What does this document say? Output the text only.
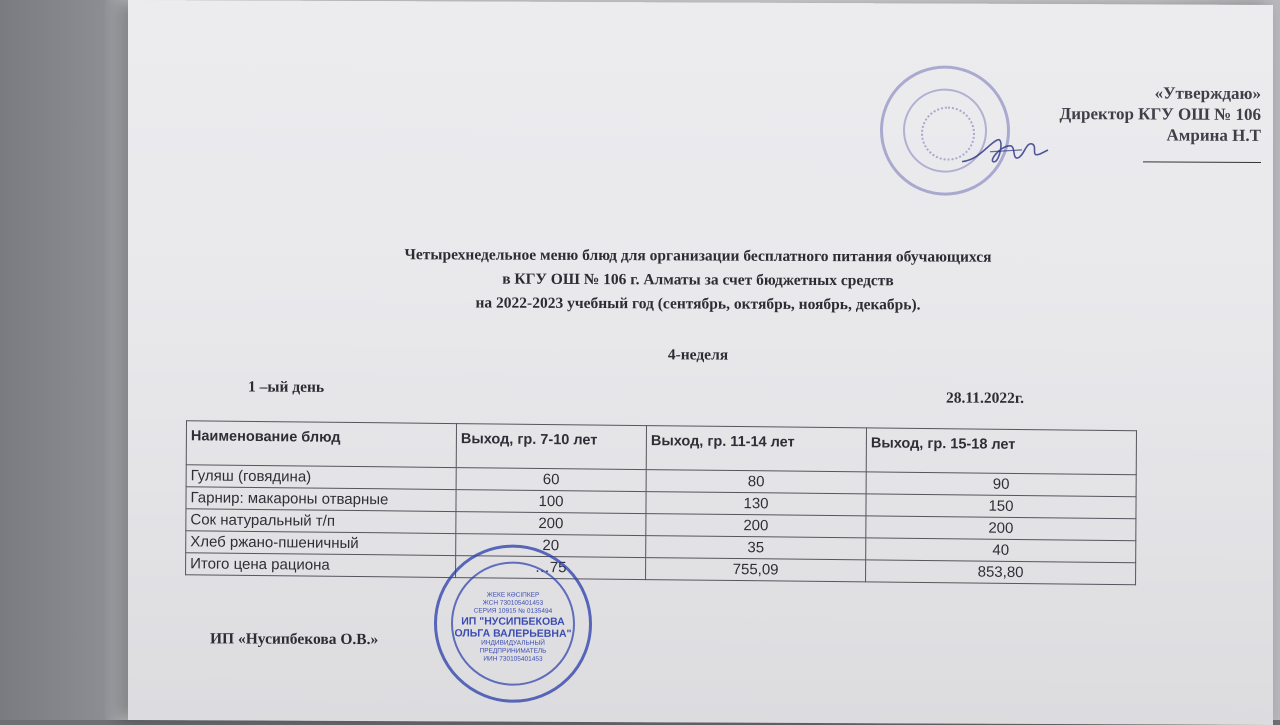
«Утверждаю»
Директор КГУ ОШ № 106
Амрина Н.Т
Четырехнедельное меню блюд для организации бесплатного питания обучающихся
в КГУ ОШ № 106 г. Алматы за счет бюджетных средств
на 2022-2023 учебный год (сентябрь, октябрь, ноябрь, декабрь).
4-неделя
1 –ый день
28.11.2022г.
Наименование блюд	Выход, гр. 7-10 лет	Выход, гр. 11-14 лет	Выход, гр. 15-18 лет
Гуляш (говядина)	60	80	90
Гарнир: макароны отварные	100	130	150
Сок натуральный т/п	200	200	200
Хлеб ржано-пшеничный	20	35	40
Итого цена рациона	…75	755,09	853,80
ИП «Нусипбекова О.В.»
ЖЕКЕ КӘСІПКЕР
ЖСН 730105401453
СЕРИЯ 10915 № 0135494
ИП "НУСИПБЕКОВА
ОЛЬГА ВАЛЕРЬЕВНА"
ИНДИВИДУАЛЬНЫЙ
ПРЕДПРИНИМАТЕЛЬ
ИИН 730105401453
